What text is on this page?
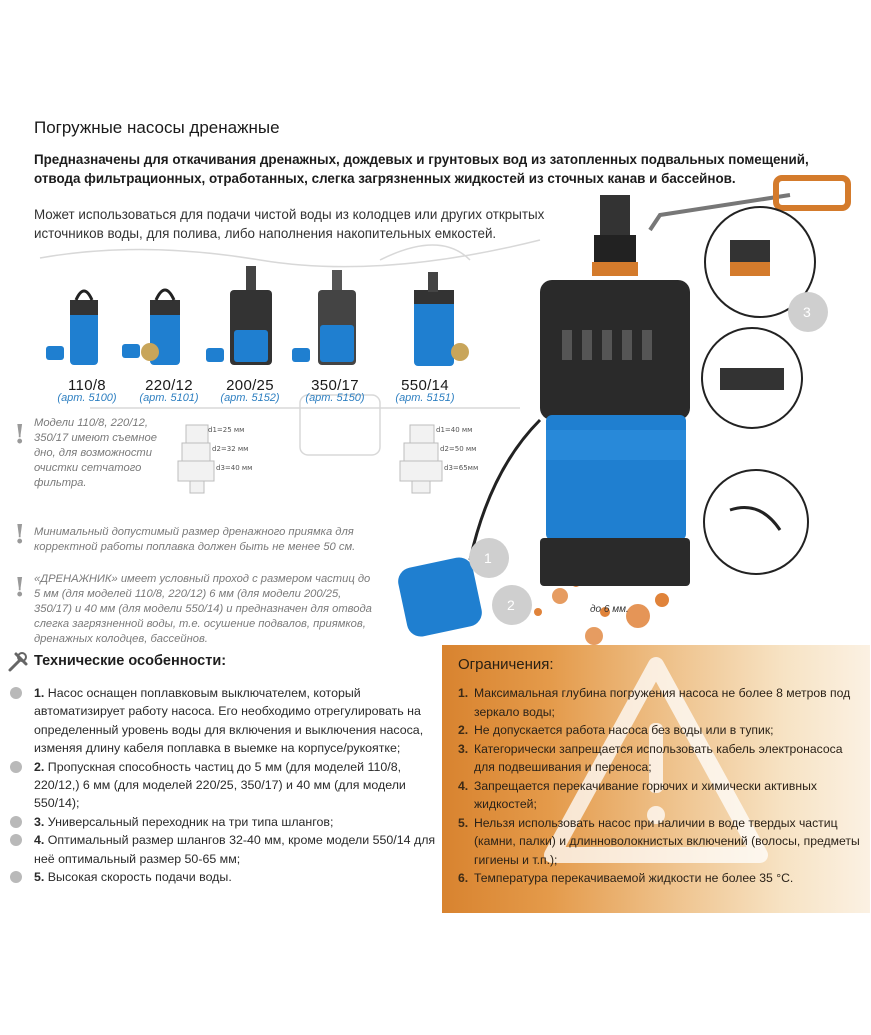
Погружные насосы дренажные
Предназначены для откачивания дренажных, дождевых и грунтовых вод из затопленных подвальных помещений, отвода фильтрационных, отработанных, слегка загрязненных жидкостей из сточных канав и бассейнов.
Может использоваться для подачи чистой воды из колодцев или других открытых источников воды, для полива, либо наполнения накопительных емкостей.
110/8
(арт. 5100)
220/12
(арт. 5101)
200/25
(арт. 5152)
350/17
(арт. 5150)
550/14
(арт. 5151)
d1=25 мм
d2=32 мм
d3=40 мм
d1=40 мм
d2=50 мм
d3=65мм
1
2
3
до 6 мм.
! Модели 110/8, 220/12, 350/17 имеют съемное дно, для возможности очистки сетчатого фильтра.
! Минимальный допустимый размер дренажного приямка для корректной работы поплавка должен быть не менее 50 см.
! «ДРЕНАЖНИК» имеет условный проход с размером частиц до 5 мм (для моделей 110/8, 220/12) 6 мм (для модели 200/25, 350/17) и 40 мм (для модели 550/14) и предназначен для отвода слегка загрязненной воды, т.е. осушение подвалов, приямков, дренажных колодцев, бассейнов.
Технические особенности:
1. Насос оснащен поплавковым выключателем, который автоматизирует работу насоса. Его необходимо отрегулировать на определенный уровень воды для включения и выключения насоса, изменяя длину кабеля поплавка в выемке на корпусе/рукоятке;
2. Пропускная способность частиц до 5 мм (для моделей 110/8, 220/12,) 6 мм (для моделей 220/25, 350/17) и 40 мм (для модели 550/14);
3. Универсальный переходник на три типа шлангов;
4. Оптимальный размер шлангов 32-40 мм, кроме модели 550/14 для неё оптимальный размер 50-65 мм;
5. Высокая скорость подачи воды.
Ограничения:
1. Максимальная глубина погружения насоса не более 8 метров под зеркало воды;
2. Не допускается работа насоса без воды или в тупик;
3. Категорически запрещается использовать кабель электронасоса для подвешивания и переноса;
4. Запрещается перекачивание горючих и химически активных жидкостей;
5. Нельзя использовать насос при наличии в воде твердых частиц (камни, палки) и длинноволокнистых включений (волосы, предметы гигиены и т.п.);
6. Температура перекачиваемой жидкости не более 35 °С.
